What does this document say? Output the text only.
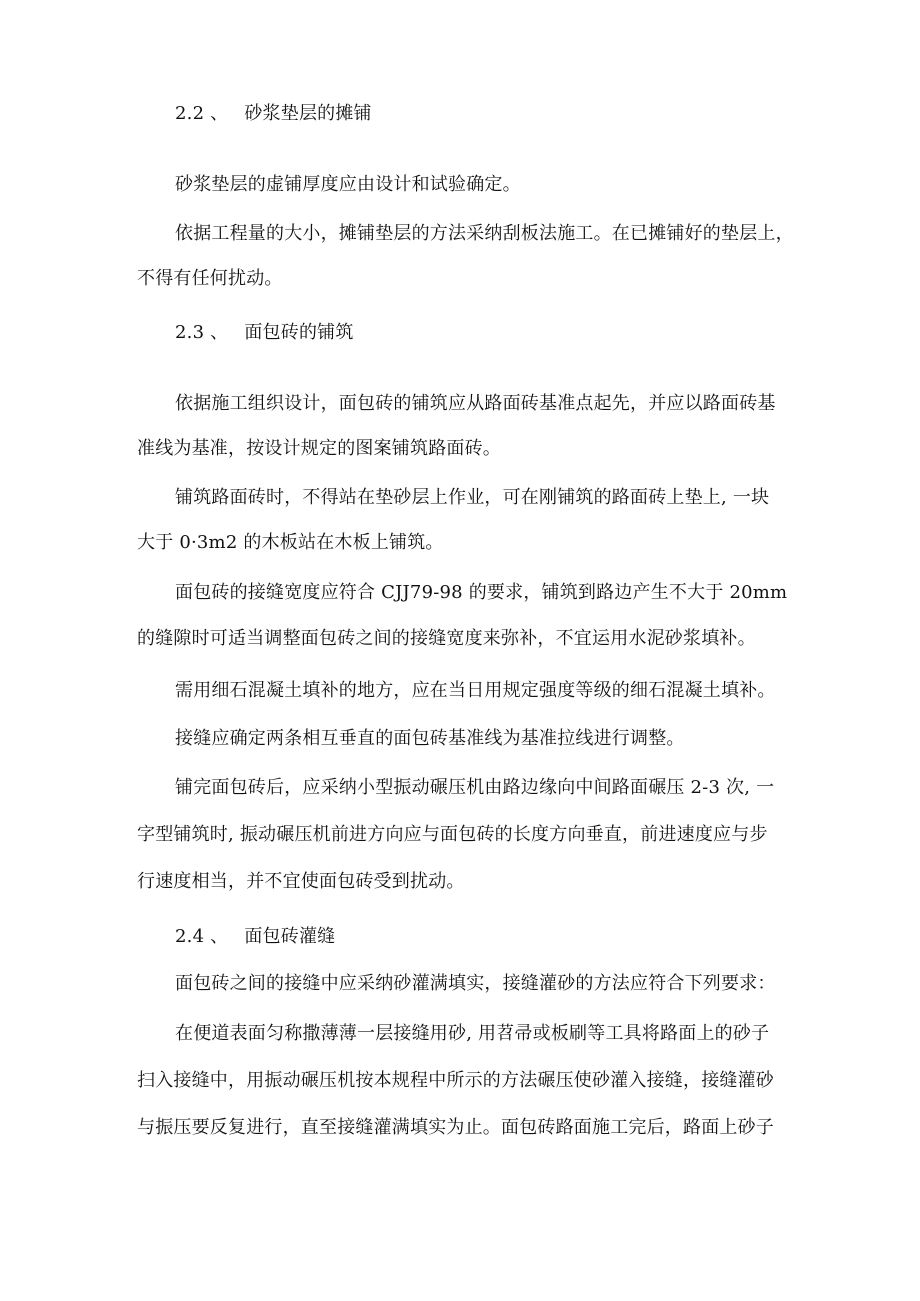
2.2 、 砂浆垫层的摊铺
砂浆垫层的虚铺厚度应由设计和试验确定。
依据工程量的大小，摊铺垫层的方法采纳刮板法施工。在已摊铺好的垫层上，
不得有任何扰动。
2.3 、 面包砖的铺筑
依据施工组织设计，面包砖的铺筑应从路面砖基准点起先，并应以路面砖基
准线为基准，按设计规定的图案铺筑路面砖。
铺筑路面砖时，不得站在垫砂层上作业，可在刚铺筑的路面砖上垫上, 一块
大于 0·3m2 的木板站在木板上铺筑。
面包砖的接缝宽度应符合 CJJ79-98 的要求，铺筑到路边产生不大于 20mm
的缝隙时可适当调整面包砖之间的接缝宽度来弥补，不宜运用水泥砂浆填补。
需用细石混凝土填补的地方，应在当日用规定强度等级的细石混凝土填补。
接缝应确定两条相互垂直的面包砖基准线为基准拉线进行调整。
铺完面包砖后，应采纳小型振动碾压机由路边缘向中间路面碾压 2-3 次, 一
字型铺筑时, 振动碾压机前进方向应与面包砖的长度方向垂直，前进速度应与步
行速度相当，并不宜使面包砖受到扰动。
2.4 、 面包砖灌缝
面包砖之间的接缝中应采纳砂灌满填实，接缝灌砂的方法应符合下列要求：
在便道表面匀称撒薄薄一层接缝用砂, 用苕帚或板刷等工具将路面上的砂子
扫入接缝中，用振动碾压机按本规程中所示的方法碾压使砂灌入接缝，接缝灌砂
与振压要反复进行，直至接缝灌满填实为止。面包砖路面施工完后，路面上砂子
